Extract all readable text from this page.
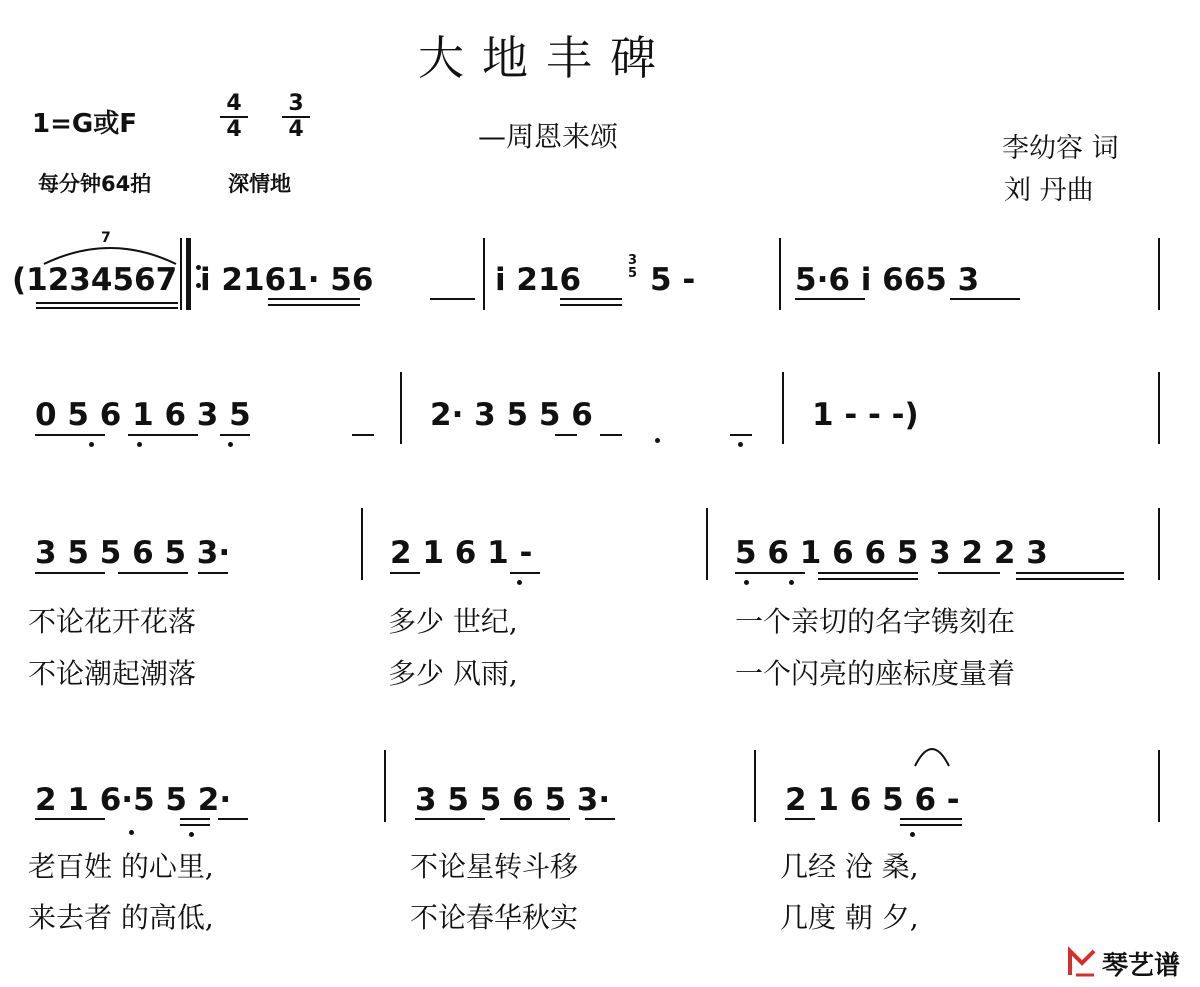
大地丰碑
1=G或F	$\frac{4}{4} \frac{3}{4}$	—周恩来颂
每分钟64拍	深情地
李幼容 词
刘 丹曲
7
(1234567 i 2161· 56	i 216
3
5 5 -	5·6 i 665 3
0 5 6 1 6 3 5	2· 3 5 5 6	1 - - -)
3 5 5 6 5 3·	2 1 6 1 -	5 6 1 6 6 5 3 2 2 3
不论花开花落	多少 世纪,	一个亲切的名字镌刻在
不论潮起潮落	多少 风雨,	一个闪亮的座标度量着
2 1 6·5 5 2·	3 5 5 6 5 3·	2 1 6 5 6 -
老百姓 的心里,	不论星转斗移	几经 沧 桑,
来去者 的高低,	不论春华秋实	几度 朝 夕,
琴艺谱
